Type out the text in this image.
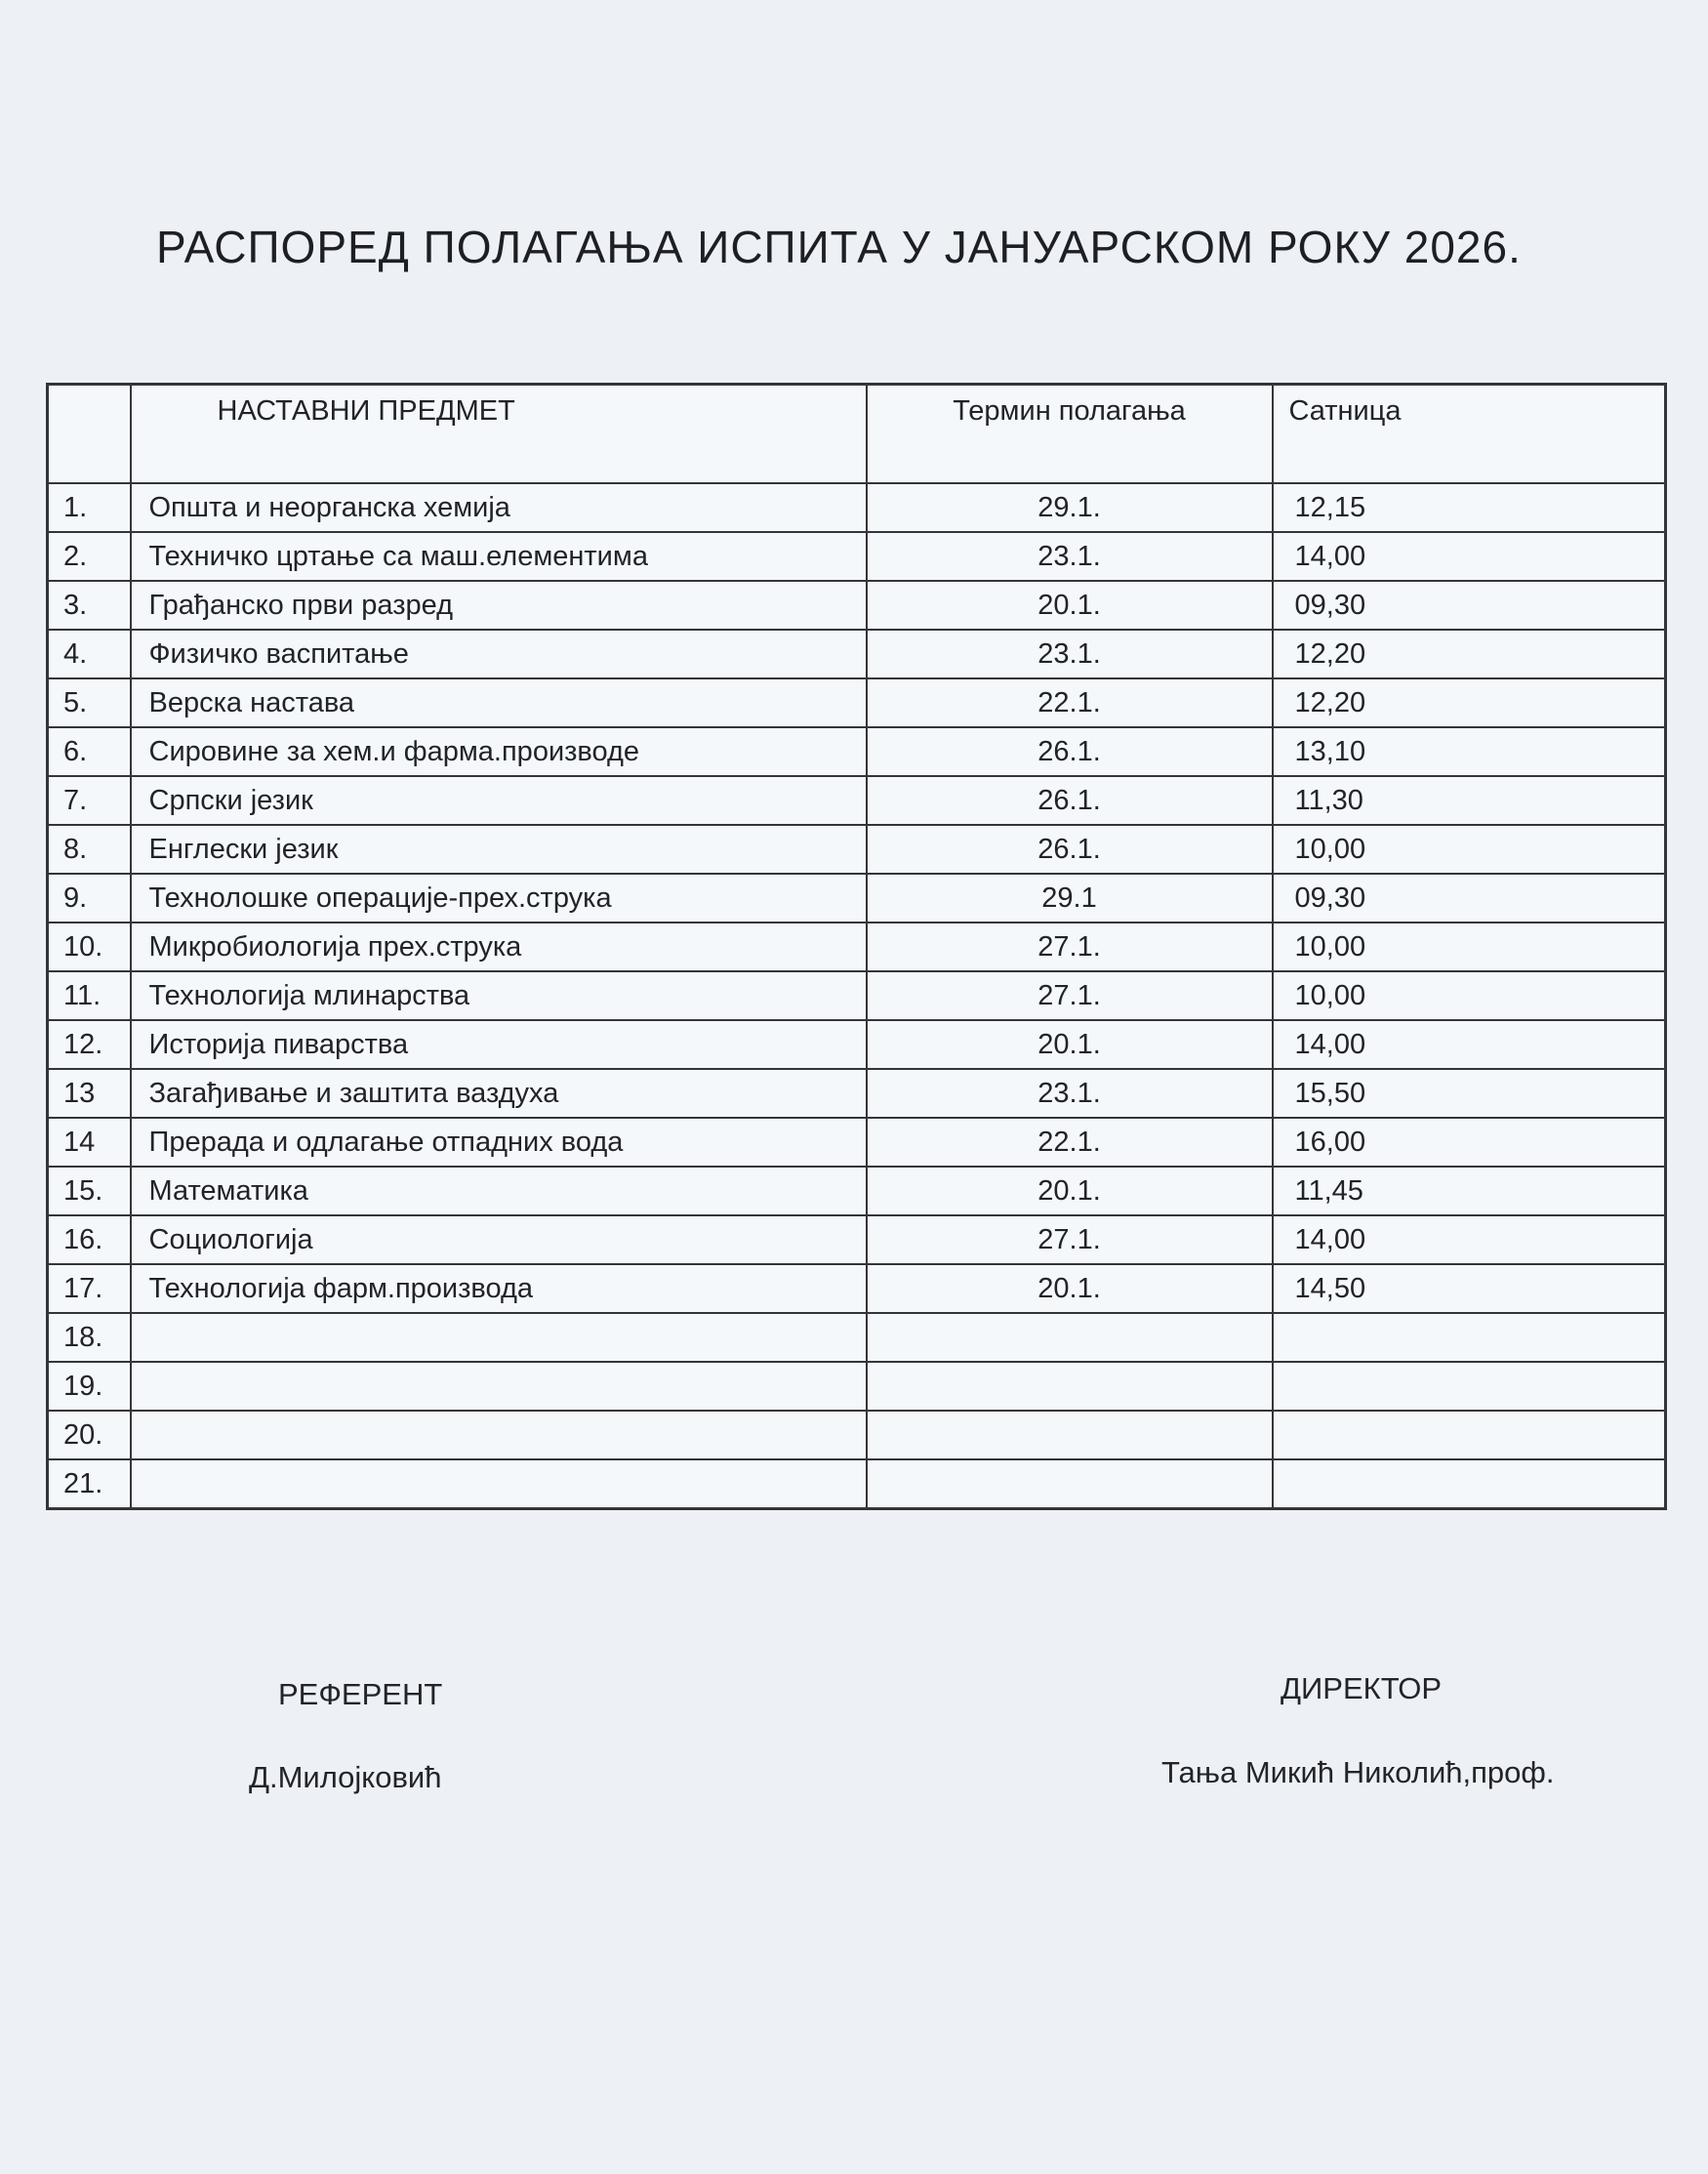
РАСПОРЕД ПОЛАГАЊА ИСПИТА У ЈАНУАРСКОМ РОКУ 2026.
	НАСТАВНИ ПРЕДМЕТ	Термин полагања	Сатница
1.	Општа и неорганска хемија	29.1.	12,15
2.	Техничко цртање са маш.елементима	23.1.	14,00
3.	Грађанско први разред	20.1.	09,30
4.	Физичко васпитање	23.1.	12,20
5.	Верска настава	22.1.	12,20
6.	Сировине за хем.и фарма.производе	26.1.	13,10
7.	Српски језик	26.1.	11,30
8.	Енглески језик	26.1.	10,00
9.	Технолошке операције-прех.струка	29.1	09,30
10.	Микробиологија прех.струка	27.1.	10,00
11.	Технологија млинарства	27.1.	10,00
12.	Историја пиварства	20.1.	14,00
13	Загађивање и заштита ваздуха	23.1.	15,50
14	Прерада и одлагање отпадних вода	22.1.	16,00
15.	Математика	20.1.	11,45
16.	Социологија	27.1.	14,00
17.	Технологија фарм.производа	20.1.	14,50
18.			
19.			
20.			
21.			
РЕФЕРЕНТ
Д.Милојковић
ДИРЕКТОР
Тања Микић Николић,проф.
